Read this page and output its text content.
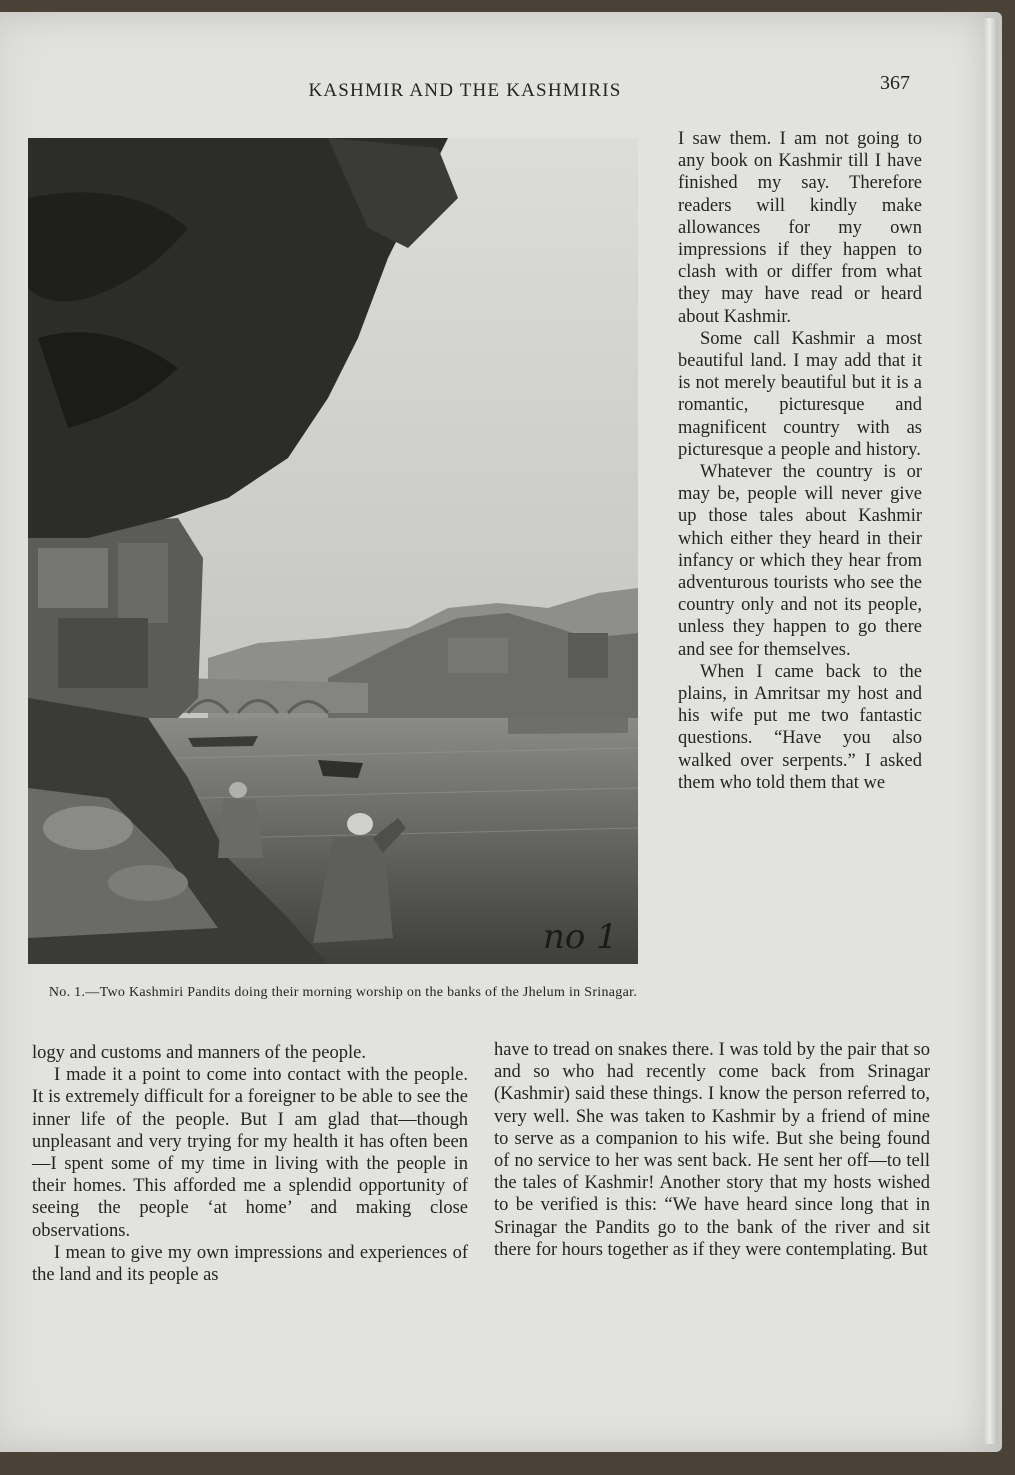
KASHMIR AND THE KASHMIRIS	367
no 1
No. 1.—Two Kashmiri Pandits doing their morning worship on the banks of the Jhelum in Srinagar.

I saw them. I am not going to any book on Kashmir till I have finished my say. Therefore readers will kindly make allowances for my own impressions if they happen to clash with or differ from what they may have read or heard about Kashmir.

Some call Kashmir a most beautiful land. I may add that it is not merely beautiful but it is a romantic, picturesque and magnificent country with as picturesque a people and history.

Whatever the country is or may be, people will never give up those tales about Kashmir which either they heard in their infancy or which they hear from adventurous tourists who see the country only and not its people, unless they happen to go there and see for themselves.

When I came back to the plains, in Amritsar my host and his wife put me two fantastic questions. “Have you also walked over serpents.” I asked them who told them that we

logy and customs and manners of the people.

I made it a point to come into contact with the people. It is extremely difficult for a foreigner to be able to see the inner life of the people. But I am glad that—though unpleasant and very trying for my health it has often been—I spent some of my time in living with the people in their homes. This afforded me a splendid opportunity of seeing the people ‘at home’ and making close observations.

I mean to give my own impressions and experiences of the land and its people as

have to tread on snakes there. I was told by the pair that so and so who had recently come back from Srinagar (Kashmir) said these things. I know the person referred to, very well. She was taken to Kashmir by a friend of mine to serve as a companion to his wife. But she being found of no service to her was sent back. He sent her off—to tell the tales of Kashmir! Another story that my hosts wished to be verified is this: “We have heard since long that in Srinagar the Pandits go to the bank of the river and sit there for hours together as if they were contemplating. But
